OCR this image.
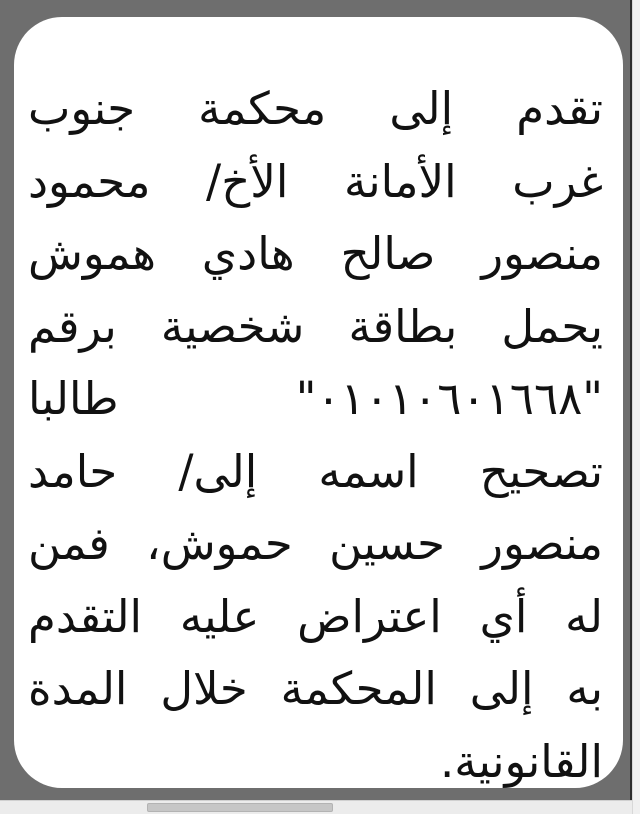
تقدم إلى محكمة جنوب
غرب الأمانة الأخ/ محمود
منصور صالح هادي هموش
يحمل بطاقة شخصية برقم
"٠١٠١٠٦٠١٦٦٨" طالبا
تصحيح اسمه إلى/ حامد
منصور حسين حموش، فمن
له أي اعتراض عليه التقدم
به إلى المحكمة خلال المدة
القانونية.
